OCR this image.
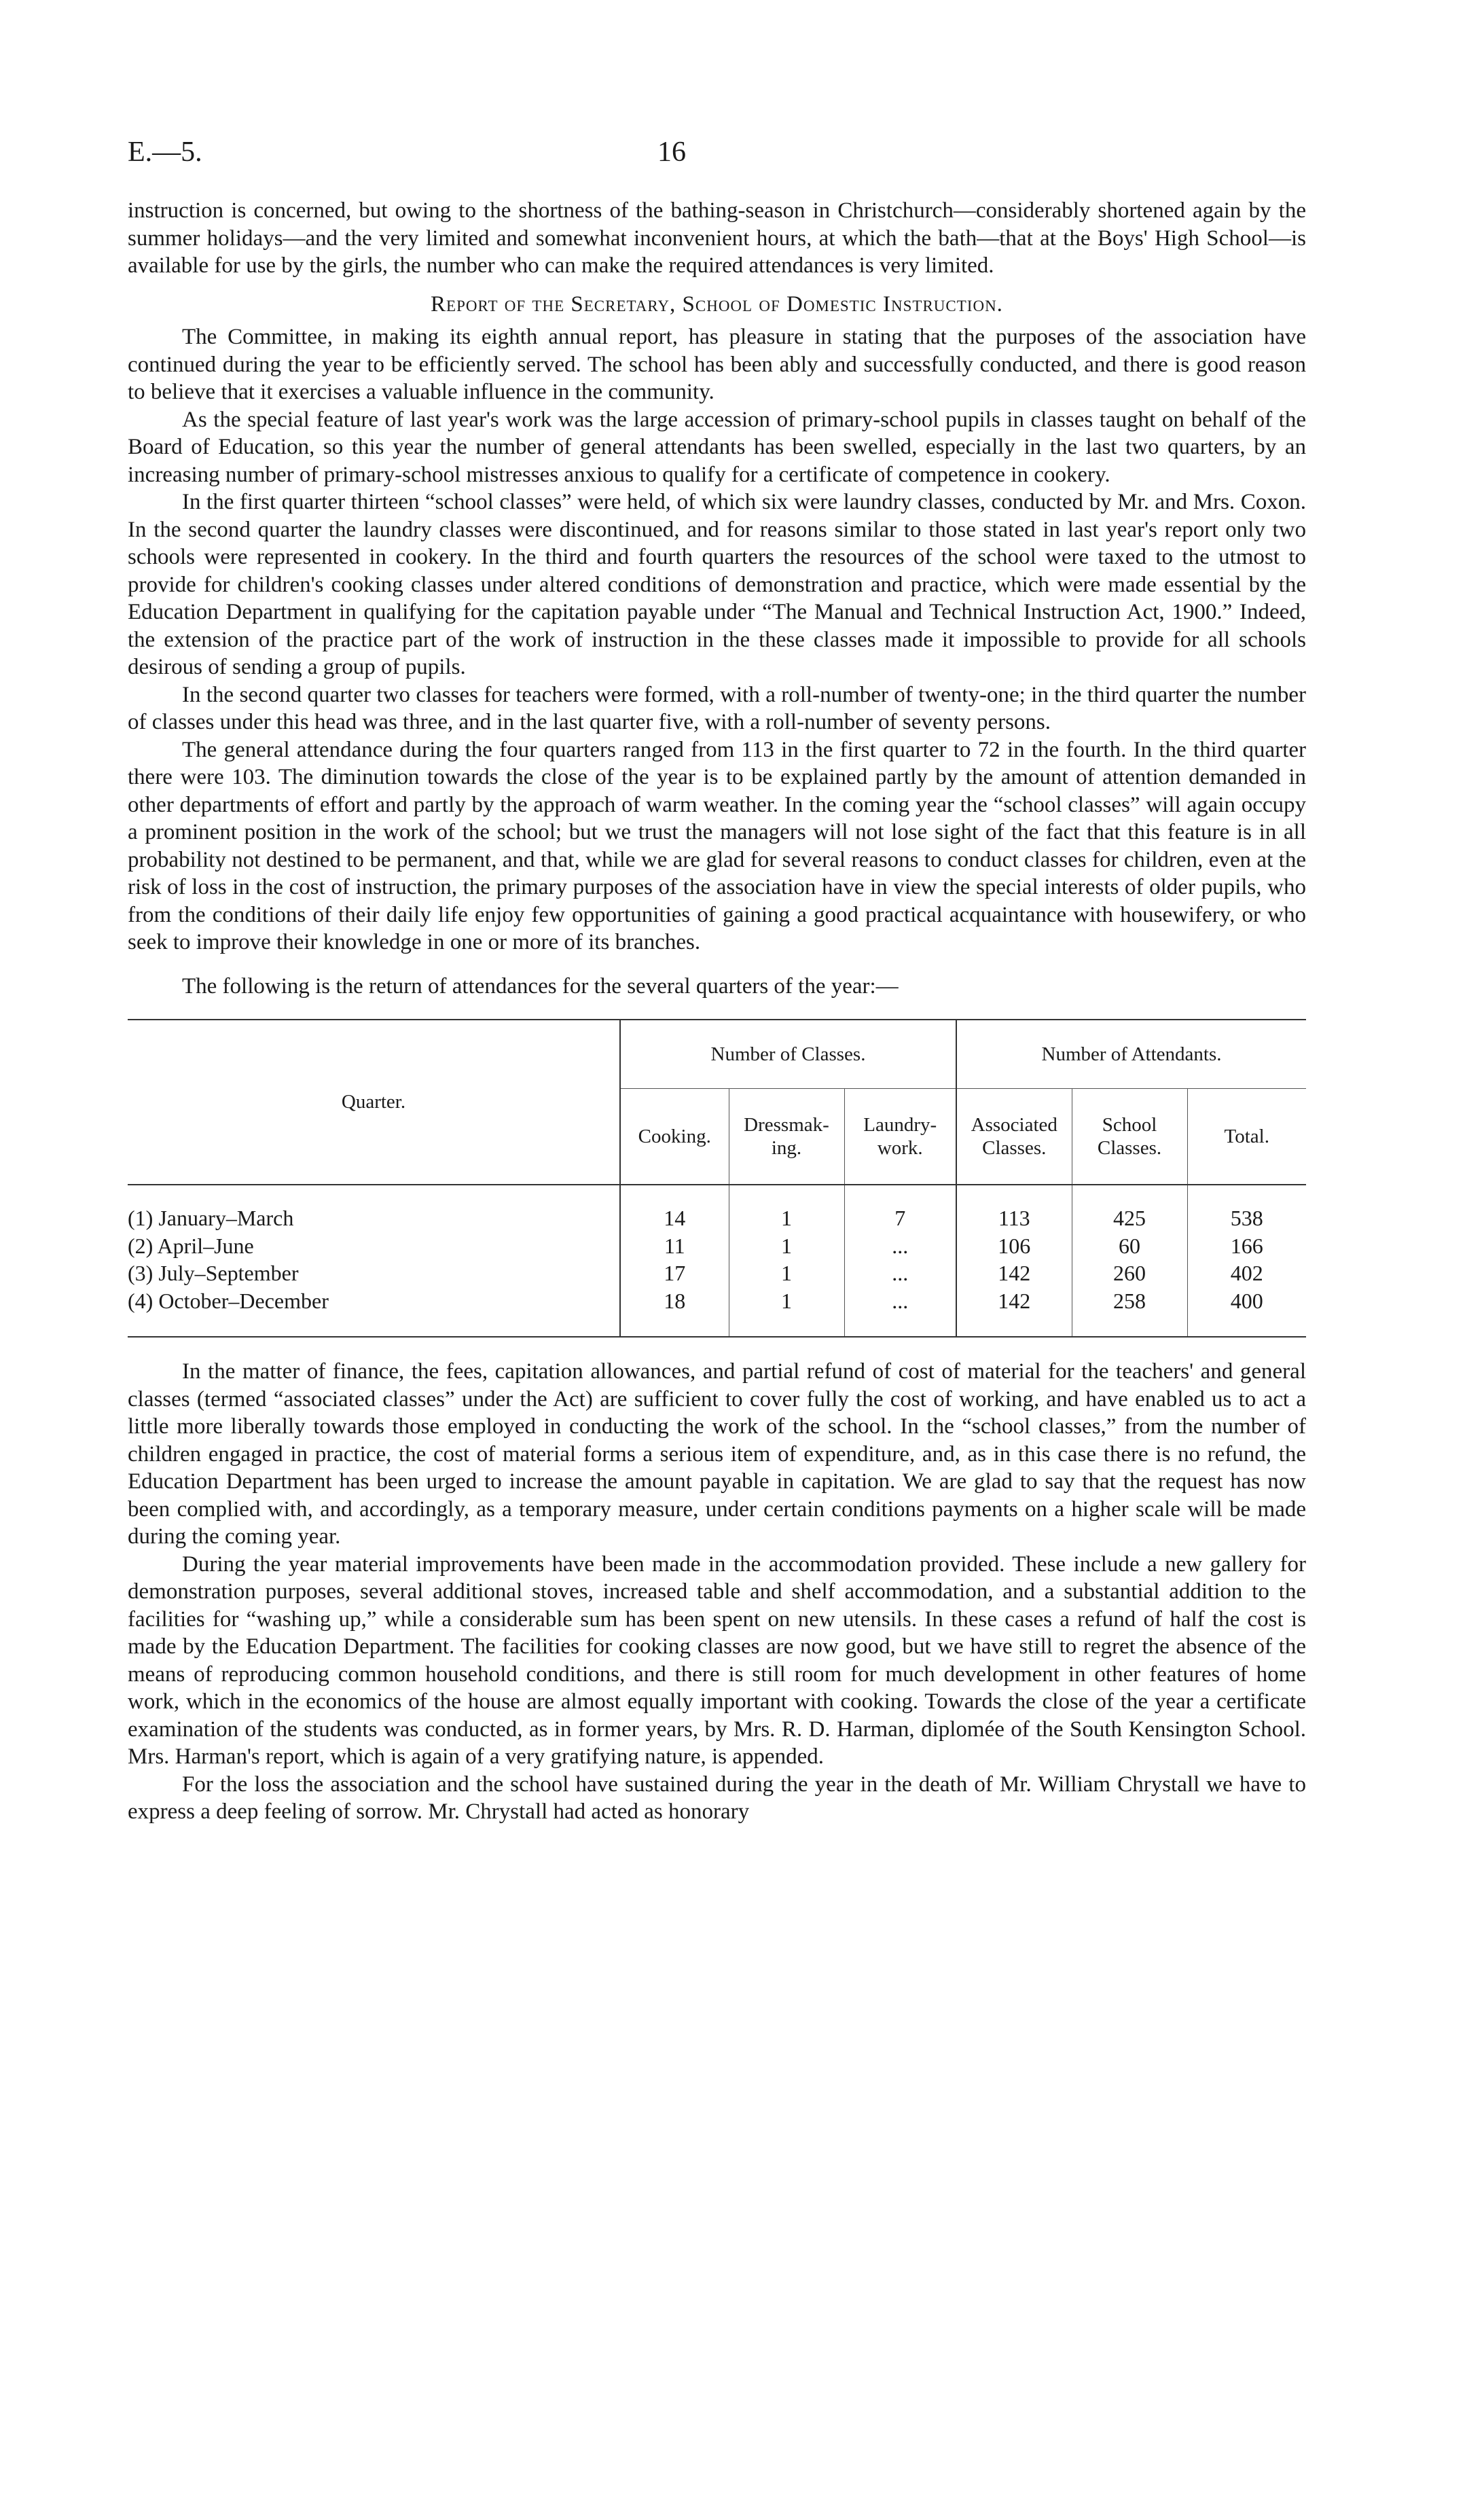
E.—5.	16

instruction is concerned, but owing to the shortness of the bathing-season in Christchurch—considerably shortened again by the summer holidays—and the very limited and somewhat inconvenient hours, at which the bath—that at the Boys' High School—is available for use by the girls, the number who can make the required attendances is very limited.

Report of the Secretary, School of Domestic Instruction.

The Committee, in making its eighth annual report, has pleasure in stating that the purposes of the association have continued during the year to be efficiently served. The school has been ably and successfully conducted, and there is good reason to believe that it exercises a valuable influence in the community.

As the special feature of last year's work was the large accession of primary-school pupils in classes taught on behalf of the Board of Education, so this year the number of general attendants has been swelled, especially in the last two quarters, by an increasing number of primary-school mistresses anxious to qualify for a certificate of competence in cookery.

In the first quarter thirteen “school classes” were held, of which six were laundry classes, conducted by Mr. and Mrs. Coxon. In the second quarter the laundry classes were discontinued, and for reasons similar to those stated in last year's report only two schools were represented in cookery. In the third and fourth quarters the resources of the school were taxed to the utmost to provide for children's cooking classes under altered conditions of demonstration and practice, which were made essential by the Education Department in qualifying for the capitation payable under “The Manual and Technical Instruction Act, 1900.” Indeed, the extension of the practice part of the work of instruction in the these classes made it impossible to provide for all schools desirous of sending a group of pupils.

In the second quarter two classes for teachers were formed, with a roll-number of twenty-one; in the third quarter the number of classes under this head was three, and in the last quarter five, with a roll-number of seventy persons.

The general attendance during the four quarters ranged from 113 in the first quarter to 72 in the fourth. In the third quarter there were 103. The diminution towards the close of the year is to be explained partly by the amount of attention demanded in other departments of effort and partly by the approach of warm weather. In the coming year the “school classes” will again occupy a prominent position in the work of the school; but we trust the managers will not lose sight of the fact that this feature is in all probability not destined to be permanent, and that, while we are glad for several reasons to conduct classes for children, even at the risk of loss in the cost of instruction, the primary purposes of the association have in view the special interests of older pupils, who from the conditions of their daily life enjoy few opportunities of gaining a good practical acquaintance with housewifery, or who seek to improve their knowledge in one or more of its branches.

The following is the return of attendances for the several quarters of the year:—

Quarter.	Number of Classes.			Number of Attendants.		
	Cooking.	Dressmak-ing.	Laundry-work.	Associated Classes.	School Classes.	Total.
(1) January–March	14	1	7	113	425	538
(2) April–June	11	1	...	106	60	166
(3) July–September	17	1	...	142	260	402
(4) October–December	18	1	...	142	258	400

In the matter of finance, the fees, capitation allowances, and partial refund of cost of material for the teachers' and general classes (termed “associated classes” under the Act) are sufficient to cover fully the cost of working, and have enabled us to act a little more liberally towards those employed in conducting the work of the school. In the “school classes,” from the number of children engaged in practice, the cost of material forms a serious item of expenditure, and, as in this case there is no refund, the Education Department has been urged to increase the amount payable in capitation. We are glad to say that the request has now been complied with, and accordingly, as a temporary measure, under certain conditions payments on a higher scale will be made during the coming year.

During the year material improvements have been made in the accommodation provided. These include a new gallery for demonstration purposes, several additional stoves, increased table and shelf accommodation, and a substantial addition to the facilities for “washing up,” while a considerable sum has been spent on new utensils. In these cases a refund of half the cost is made by the Education Department. The facilities for cooking classes are now good, but we have still to regret the absence of the means of reproducing common household conditions, and there is still room for much development in other features of home work, which in the economics of the house are almost equally important with cooking. Towards the close of the year a certificate examination of the students was conducted, as in former years, by Mrs. R. D. Harman, diplomée of the South Kensington School. Mrs. Harman's report, which is again of a very gratifying nature, is appended.

For the loss the association and the school have sustained during the year in the death of Mr. William Chrystall we have to express a deep feeling of sorrow. Mr. Chrystall had acted as honorary
